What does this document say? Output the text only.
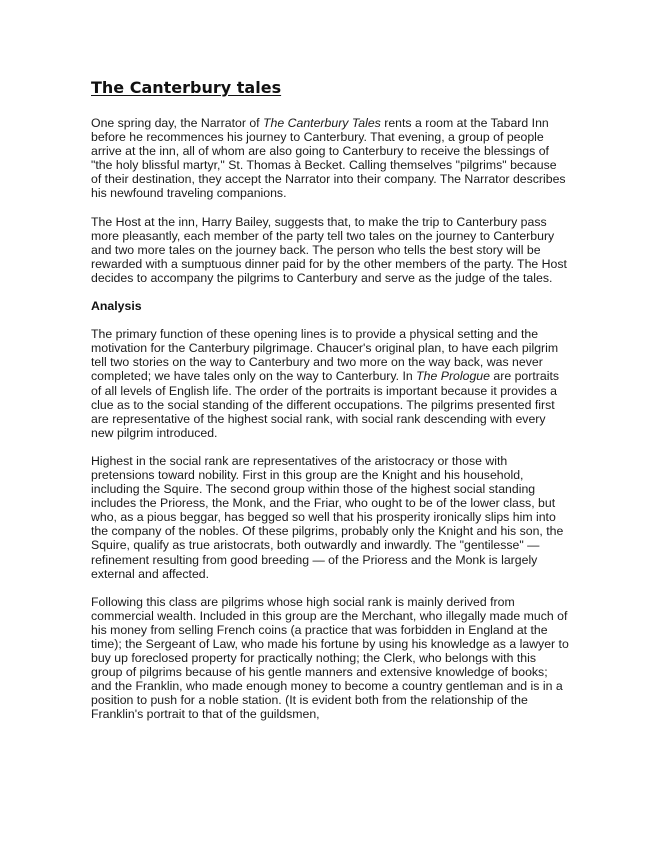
The Canterbury tales

One spring day, the Narrator of The Canterbury Tales rents a room at the Tabard Inn before he recommences his journey to Canterbury. That evening, a group of people arrive at the inn, all of whom are also going to Canterbury to receive the blessings of "the holy blissful martyr," St. Thomas à Becket. Calling themselves "pilgrims" because of their destination, they accept the Narrator into their company. The Narrator describes his newfound traveling companions.

The Host at the inn, Harry Bailey, suggests that, to make the trip to Canterbury pass more pleasantly, each member of the party tell two tales on the journey to Canterbury and two more tales on the journey back. The person who tells the best story will be rewarded with a sumptuous dinner paid for by the other members of the party. The Host decides to accompany the pilgrims to Canterbury and serve as the judge of the tales.

Analysis

The primary function of these opening lines is to provide a physical setting and the motivation for the Canterbury pilgrimage. Chaucer's original plan, to have each pilgrim tell two stories on the way to Canterbury and two more on the way back, was never completed; we have tales only on the way to Canterbury. In The Prologue are portraits of all levels of English life. The order of the portraits is important because it provides a clue as to the social standing of the different occupations. The pilgrims presented first are representative of the highest social rank, with social rank descending with every new pilgrim introduced.

Highest in the social rank are representatives of the aristocracy or those with pretensions toward nobility. First in this group are the Knight and his household, including the Squire. The second group within those of the highest social standing includes the Prioress, the Monk, and the Friar, who ought to be of the lower class, but who, as a pious beggar, has begged so well that his prosperity ironically slips him into the company of the nobles. Of these pilgrims, probably only the Knight and his son, the Squire, qualify as true aristocrats, both outwardly and inwardly. The "gentilesse" — refinement resulting from good breeding — of the Prioress and the Monk is largely external and affected.

Following this class are pilgrims whose high social rank is mainly derived from commercial wealth. Included in this group are the Merchant, who illegally made much of his money from selling French coins (a practice that was forbidden in England at the time); the Sergeant of Law, who made his fortune by using his knowledge as a lawyer to buy up foreclosed property for practically nothing; the Clerk, who belongs with this group of pilgrims because of his gentle manners and extensive knowledge of books; and the Franklin, who made enough money to become a country gentleman and is in a position to push for a noble station. (It is evident both from the relationship of the Franklin's portrait to that of the guildsmen,
